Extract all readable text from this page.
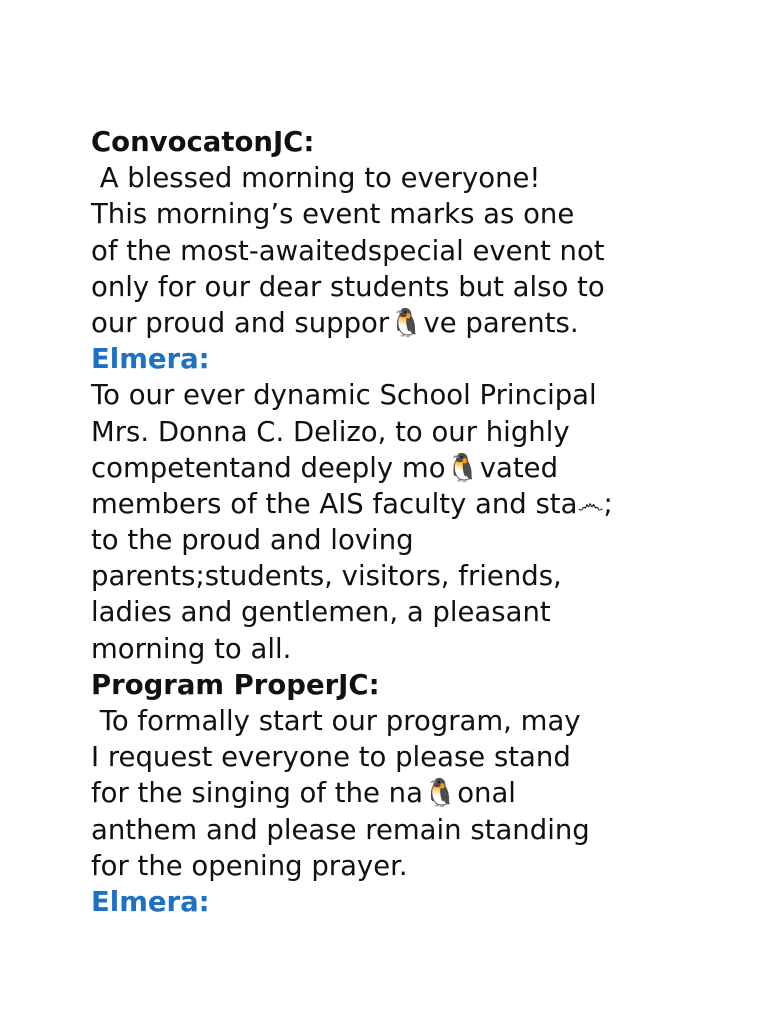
ConvocatonJC:
A blessed morning to everyone!
This morning’s event marks as one
of the most-awaitedspecial event not
only for our dear students but also to
our proud and suppor🐧ve parents.
Elmera:
To our ever dynamic School Principal
Mrs. Donna C. Delizo, to our highly
competentand deeply mo🐧vated
members of the AIS faculty and sta෴;
to the proud and loving
parents;students, visitors, friends,
ladies and gentlemen, a pleasant
morning to all.
Program ProperJC:
To formally start our program, may
I request everyone to please stand
for the singing of the na🐧onal
anthem and please remain standing
for the opening prayer.
Elmera:
